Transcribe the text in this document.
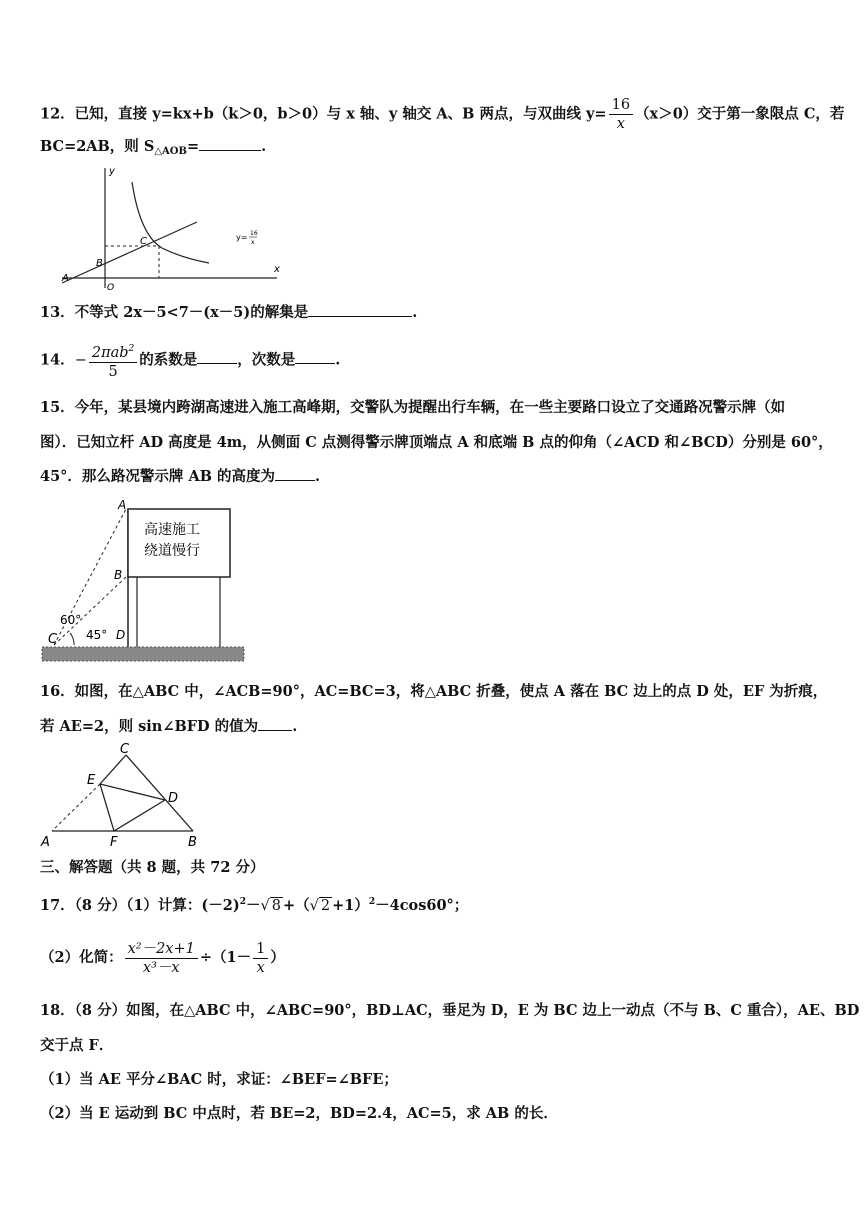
12．已知，直接 y=kx+b（k＞0，b＞0）与 x 轴、y 轴交 A、B 两点，与双曲线 $y= \frac{16}{x} (x>0)$交于第一象限点 C，若
BC=2AB，则 $S_{\triangle AOB}=$	.
y
x
O
A
B
C	y= 16
x
13．不等式 2x－5<7－(x－5)的解集是	.
14．− $\frac{2\pi ab^2}{5}$ 的系数是	，次数是	.
15．今年，某县境内跨湖高速进入施工高峰期，交警队为提醒出行车辆，在一些主要路口设立了交通路况警示牌（如
图）．已知立杆 AD 高度是 4m，从侧面 C 点测得警示牌顶端点 A 和底端 B 点的仰角（∠ACD 和∠BCD）分别是 60°，
45°．那么路况警示牌 AB 的高度为	.
高速施工
绕道慢行
A
B
C	D
60°
45°
16．如图，在△ABC 中，∠ACB=90°，AC=BC=3，将△ABC 折叠，使点 A 落在 BC 边上的点 D 处，EF 为折痕，
若 AE=2，则 sin∠BFD 的值为 .
C
E
D
A	F	B
三、解答题（共 8 题，共 72 分）
17．（8 分）（1）计算：$(-2)^2-√$ 8 +（√ 2 +1）$^2$－4cos60°；
（2）化简： $\frac{\text{x²－2x+1}}{\text{x³－x}} \div(1- \frac{1}{x}$ ）
18．（8 分）如图，在△ABC 中，∠ABC=90°，BD⊥AC，垂足为 D，E 为 BC 边上一动点（不与 B、C 重合），AE、BD
交于点 F．
（1）当 AE 平分∠BAC 时，求证：∠BEF=∠BFE；
（2）当 E 运动到 BC 中点时，若 BE=2，BD=2.4，AC=5，求 AB 的长．
